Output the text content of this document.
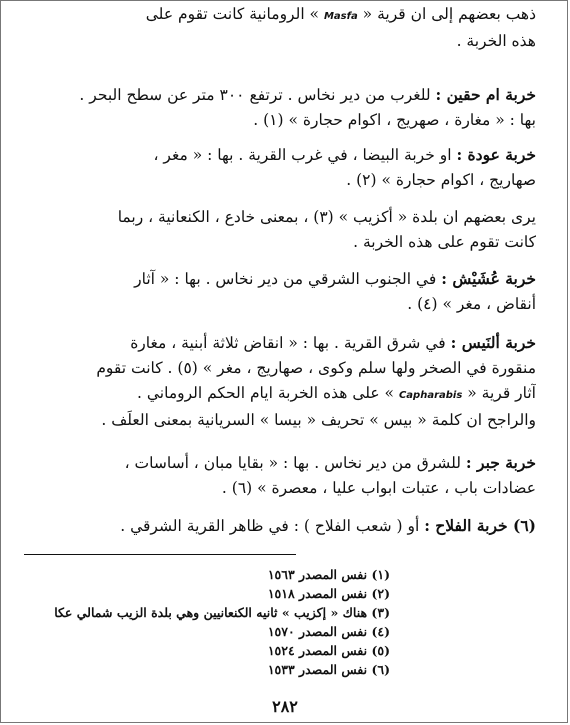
ذهب بعضهم إلى ان قرية « Masfa » الرومانية كانت تقوم على
هذه الخربة .
خربة ام حقين : للغرب من دير نخاس . ترتفع ۳۰۰ متر عن سطح البحر .
بها : « مغارة ، صهريج ، اكوام حجارة » (۱) .
خربة عودة : او خربة البيضا ، في غرب القرية . بها : « مغر ،
صهاريج ، اكوام حجارة » (۲) .
يرى بعضهم ان بلدة « أكزيب » (۳) ، بمعنى خادع ، الكنعانية ، ربما
كانت تقوم على هذه الخربة .
خربة عُشَيْش : في الجنوب الشرقي من دير نخاس . بها : « آثار
أنقاض ، مغر » (٤) .
خربة ألنَيس : في شرق القرية . بها : « انقاض ثلاثة أبنية ، مغارة
منقورة في الصخر ولها سلم وكوى ، صهاريج ، مغر » (٥) . كانت تقوم
آثار قرية « Capharabis » على هذه الخربة ايام الحكم الروماني .
والراجح ان كلمة « بيس » تحريف « بيسا » السريانية بمعنى العلَف .
خربة جبر : للشرق من دير نخاس . بها : « بقايا مبان ، أساسات ،
عضادات باب ، عتبات ابواب عليا ، معصرة » (٦) .
(٦) خربة الفلاح : أو ( شعب الفلاح ) : في ظاهر القرية الشرقي .
(۱) نفس المصدر ۱٥٦۳
(۲) نفس المصدر ۱٥۱۸
(۳) هناك « إكزيب » ثانيه الكنعانيين وهي بلدة الزيب شمالي عكا
(٤) نفس المصدر ۱٥٧۰
(٥) نفس المصدر ۱٥۲٤
(٦) نفس المصدر ۱٥۳۳
۲۸۲
